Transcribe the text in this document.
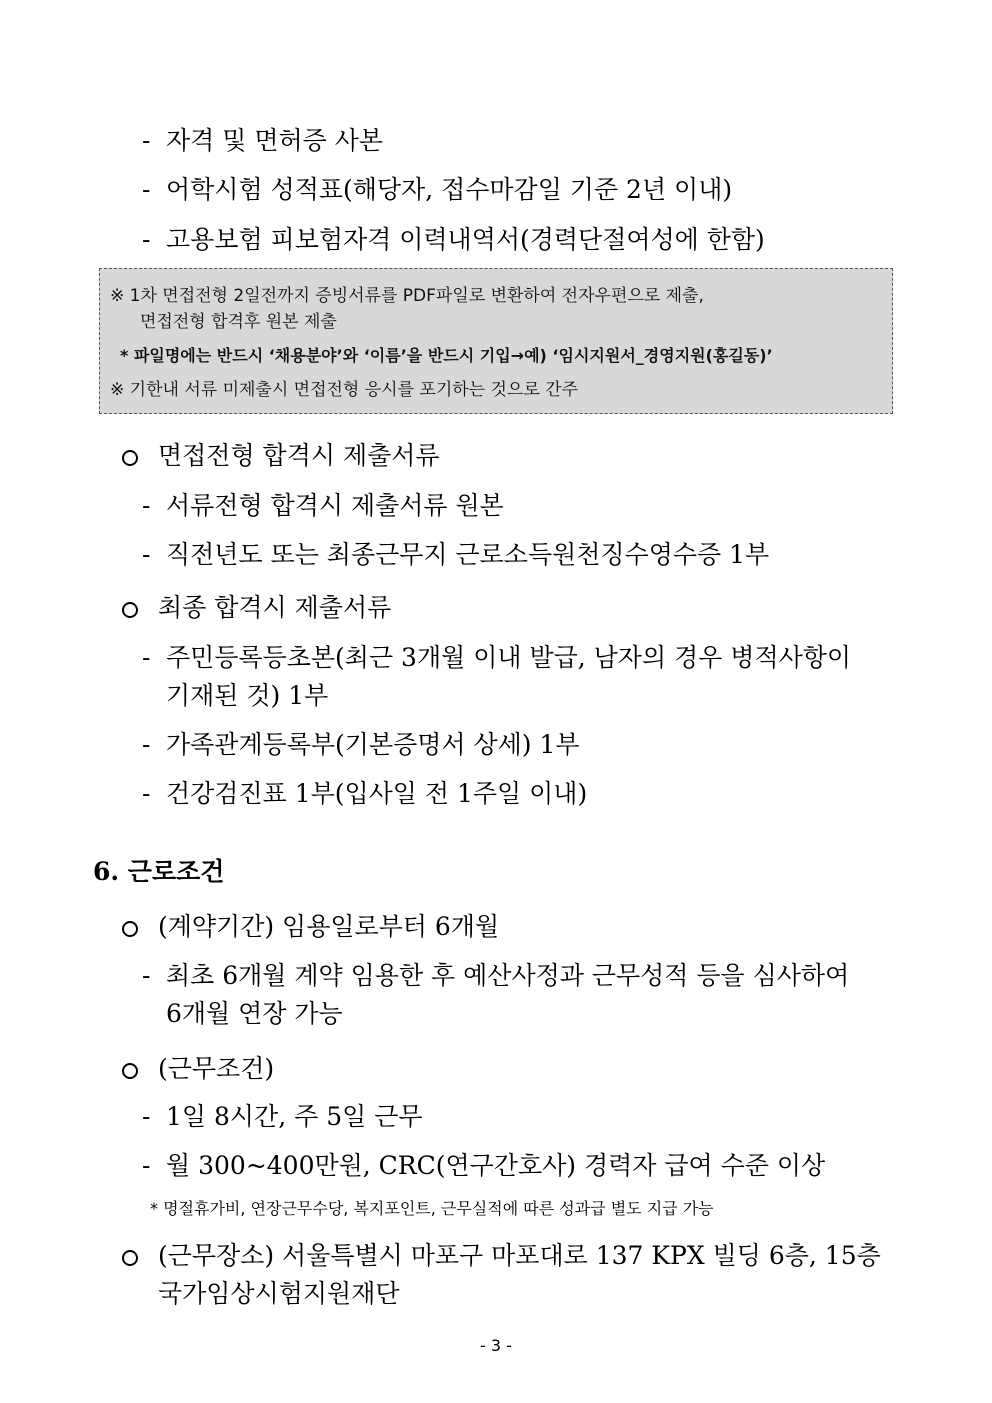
- 자격 및 면허증 사본
- 어학시험 성적표(해당자, 접수마감일 기준 2년 이내)
- 고용보험 피보험자격 이력내역서(경력단절여성에 한함)
※ 1차 면접전형 2일전까지 증빙서류를 PDF파일로 변환하여 전자우편으로 제출,
면접전형 합격후 원본 제출
* 파일명에는 반드시 ‘채용분야’와 ‘이름’을 반드시 기입→예) ‘임시지원서_경영지원(홍길동)’
※ 기한내 서류 미제출시 면접전형 응시를 포기하는 것으로 간주
면접전형 합격시 제출서류
- 서류전형 합격시 제출서류 원본
- 직전년도 또는 최종근무지 근로소득원천징수영수증 1부
최종 합격시 제출서류
- 주민등록등초본(최근 3개월 이내 발급, 남자의 경우 병적사항이
기재된 것) 1부
- 가족관계등록부(기본증명서 상세) 1부
- 건강검진표 1부(입사일 전 1주일 이내)
6. 근로조건
(계약기간) 임용일로부터 6개월
- 최초 6개월 계약 임용한 후 예산사정과 근무성적 등을 심사하여
6개월 연장 가능
(근무조건)
- 1일 8시간, 주 5일 근무
- 월 300~400만원, CRC(연구간호사) 경력자 급여 수준 이상
* 명절휴가비, 연장근무수당, 복지포인트, 근무실적에 따른 성과급 별도 지급 가능
(근무장소) 서울특별시 마포구 마포대로 137 KPX 빌딩 6층, 15층
국가임상시험지원재단
- 3 -
